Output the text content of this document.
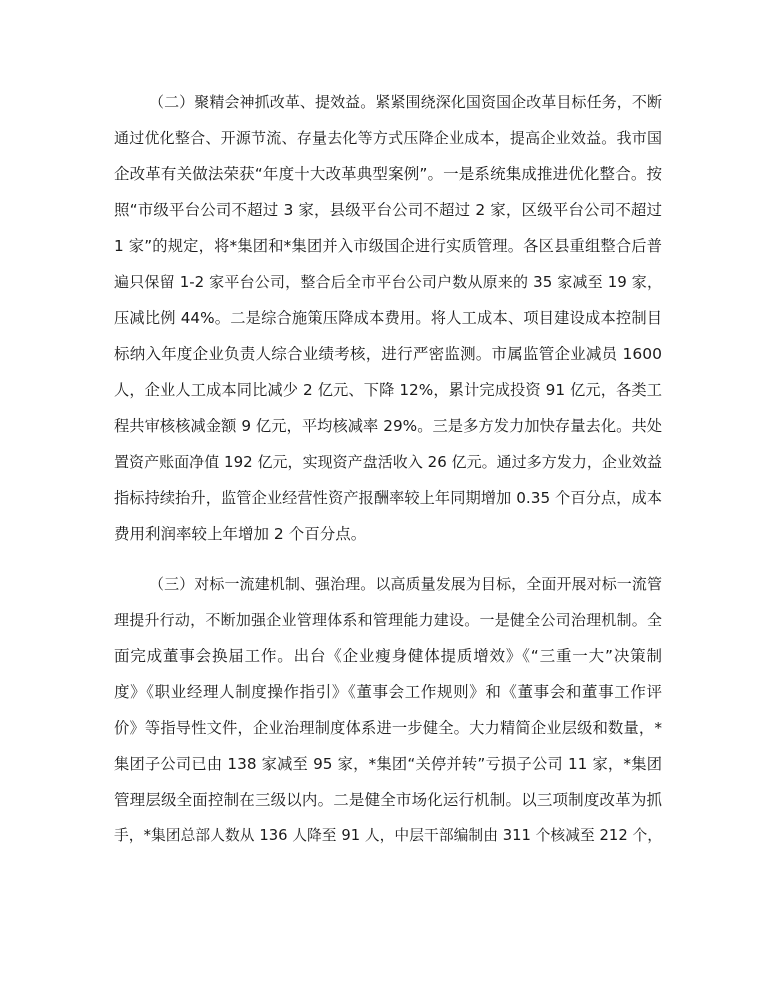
（二）聚精会神抓改革、提效益。紧紧围绕深化国资国企改革目标任务，不断
通过优化整合、开源节流、存量去化等方式压降企业成本，提高企业效益。我市国
企改革有关做法荣获“年度十大改革典型案例”。一是系统集成推进优化整合。按
照“市级平台公司不超过 3 家，县级平台公司不超过 2 家，区级平台公司不超过
1 家”的规定，将*集团和*集团并入市级国企进行实质管理。各区县重组整合后普
遍只保留 1-2 家平台公司，整合后全市平台公司户数从原来的 35 家减至 19 家，
压减比例 44%。二是综合施策压降成本费用。将人工成本、项目建设成本控制目
标纳入年度企业负责人综合业绩考核，进行严密监测。市属监管企业减员 1600
人，企业人工成本同比减少 2 亿元、下降 12%，累计完成投资 91 亿元，各类工
程共审核核减金额 9 亿元，平均核减率 29%。三是多方发力加快存量去化。共处
置资产账面净值 192 亿元，实现资产盘活收入 26 亿元。通过多方发力，企业效益
指标持续抬升，监管企业经营性资产报酬率较上年同期增加 0.35 个百分点，成本
费用利润率较上年增加 2 个百分点。
（三）对标一流建机制、强治理。以高质量发展为目标，全面开展对标一流管
理提升行动，不断加强企业管理体系和管理能力建设。一是健全公司治理机制。全
面完成董事会换届工作。出台《企业瘦身健体提质增效》《“三重一大”决策制
度》《职业经理人制度操作指引》《董事会工作规则》和《董事会和董事工作评
价》等指导性文件，企业治理制度体系进一步健全。大力精简企业层级和数量，*
集团子公司已由 138 家减至 95 家，*集团“关停并转”亏损子公司 11 家，*集团
管理层级全面控制在三级以内。二是健全市场化运行机制。以三项制度改革为抓
手，*集团总部人数从 136 人降至 91 人，中层干部编制由 311 个核减至 212 个，
